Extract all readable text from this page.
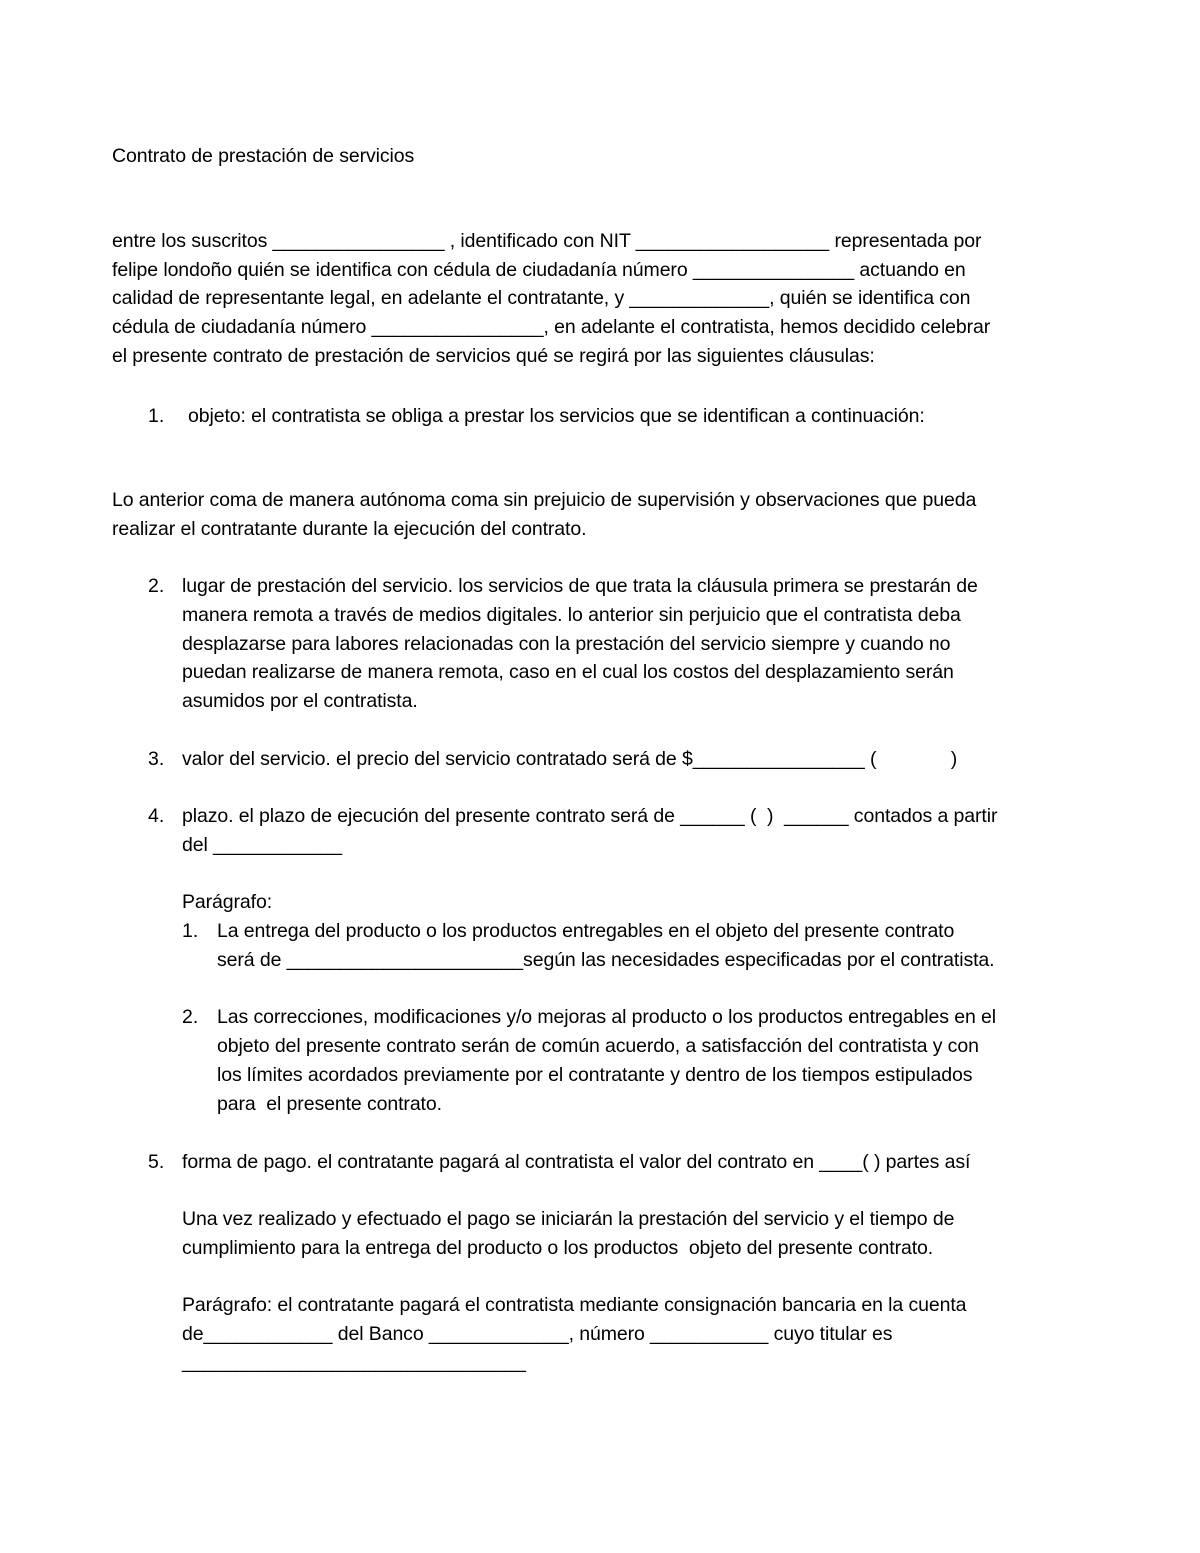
Contrato de prestación de servicios
entre los suscritos ________________ , identificado con NIT __________________ representada por
felipe londoño quién se identifica con cédula de ciudadanía número _______________ actuando en
calidad de representante legal, en adelante el contratante, y _____________, quién se identifica con
cédula de ciudadanía número ________________, en adelante el contratista, hemos decidido celebrar
el presente contrato de prestación de servicios qué se regirá por las siguientes cláusulas:
1. objeto: el contratista se obliga a prestar los servicios que se identifican a continuación:
Lo anterior coma de manera autónoma coma sin prejuicio de supervisión y observaciones que pueda
realizar el contratante durante la ejecución del contrato.
2. lugar de prestación del servicio. los servicios de que trata la cláusula primera se prestarán de
manera remota a través de medios digitales. lo anterior sin perjuicio que el contratista deba
desplazarse para labores relacionadas con la prestación del servicio siempre y cuando no
puedan realizarse de manera remota, caso en el cual los costos del desplazamiento serán
asumidos por el contratista.
3. valor del servicio. el precio del servicio contratado será de $________________ (              )
4. plazo. el plazo de ejecución del presente contrato será de ______ (  )  ______ contados a partir
del ____________
Parágrafo:
1. La entrega del producto o los productos entregables en el objeto del presente contrato
será de ______________________según las necesidades especificadas por el contratista.
2. Las correcciones, modificaciones y/o mejoras al producto o los productos entregables en el
objeto del presente contrato serán de común acuerdo, a satisfacción del contratista y con
los límites acordados previamente por el contratante y dentro de los tiempos estipulados
para  el presente contrato.
5. forma de pago. el contratante pagará al contratista el valor del contrato en ____( ) partes así
Una vez realizado y efectuado el pago se iniciarán la prestación del servicio y el tiempo de
cumplimiento para la entrega del producto o los productos  objeto del presente contrato.
Parágrafo: el contratante pagará el contratista mediante consignación bancaria en la cuenta
de____________ del Banco _____________, número ___________ cuyo titular es
________________________________
